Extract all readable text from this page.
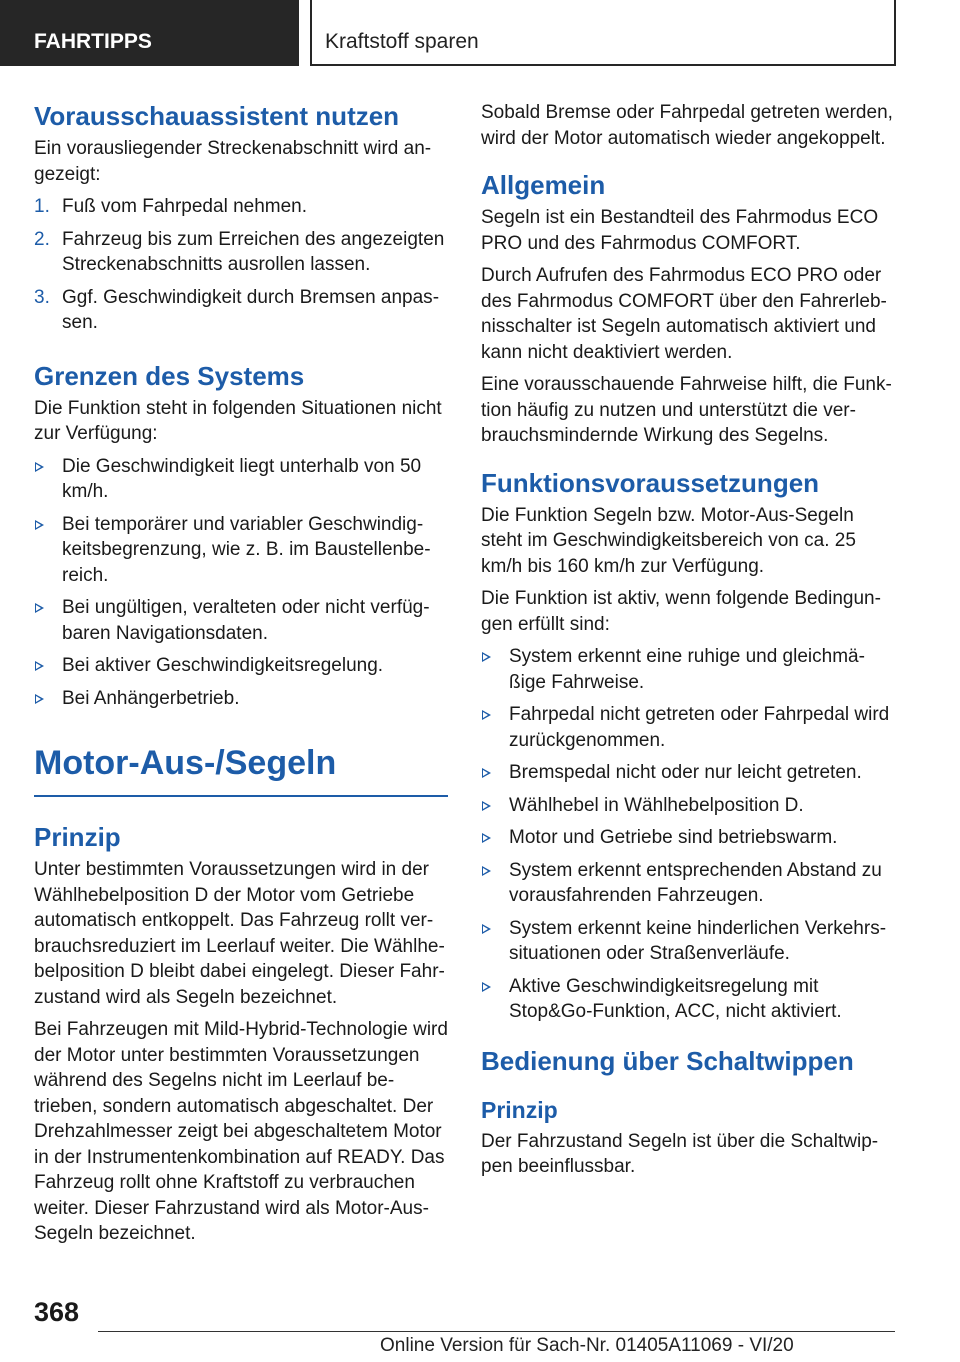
FAHRTIPPS	Kraftstoff sparen
Vorausschauassistent nutzen

Ein vorausliegender Streckenabschnitt wird angezeigt:

1. Fuß vom Fahrpedal nehmen.
2. Fahrzeug bis zum Erreichen des angezeigten Streckenabschnitts ausrollen lassen.
3. Ggf. Geschwindigkeit durch Bremsen anpassen.
Grenzen des Systems

Die Funktion steht in folgenden Situationen nicht zur Verfügung:

Die Geschwindigkeit liegt unterhalb von 50 km/h.
Bei temporärer und variabler Geschwindigkeitsbegrenzung, wie z. B. im Baustellenbereich.
Bei ungültigen, veralteten oder nicht verfügbaren Navigationsdaten.
Bei aktiver Geschwindigkeitsregelung.
Bei Anhängerbetrieb.
Motor-Aus-/Segeln
Prinzip

Unter bestimmten Voraussetzungen wird in der Wählhebelposition D der Motor vom Getriebe automatisch entkoppelt. Das Fahrzeug rollt verbrauchsreduziert im Leerlauf weiter. Die Wählhebelposition D bleibt dabei eingelegt. Dieser Fahrzustand wird als Segeln bezeichnet.

Bei Fahrzeugen mit Mild-Hybrid-Technologie wird der Motor unter bestimmten Voraussetzungen während des Segelns nicht im Leerlauf betrieben, sondern automatisch abgeschaltet. Der Drehzahlmesser zeigt bei abgeschaltetem Motor in der Instrumentenkombination auf READY. Das Fahrzeug rollt ohne Kraftstoff zu verbrauchen weiter. Dieser Fahrzustand wird als Motor-Aus-Segeln bezeichnet.

Sobald Bremse oder Fahrpedal getreten werden, wird der Motor automatisch wieder angekoppelt.

Allgemein

Segeln ist ein Bestandteil des Fahrmodus ECO PRO und des Fahrmodus COMFORT.

Durch Aufrufen des Fahrmodus ECO PRO oder des Fahrmodus COMFORT über den Fahrerlebnisschalter ist Segeln automatisch aktiviert und kann nicht deaktiviert werden.

Eine vorausschauende Fahrweise hilft, die Funktion häufig zu nutzen und unterstützt die verbrauchsmindernde Wirkung des Segelns.

Funktionsvoraussetzungen

Die Funktion Segeln bzw. Motor-Aus-Segeln steht im Geschwindigkeitsbereich von ca. 25 km/h bis 160 km/h zur Verfügung.

Die Funktion ist aktiv, wenn folgende Bedingungen erfüllt sind:

System erkennt eine ruhige und gleichmäßige Fahrweise.
Fahrpedal nicht getreten oder Fahrpedal wird zurückgenommen.
Bremspedal nicht oder nur leicht getreten.
Wählhebel in Wählhebelposition D.
Motor und Getriebe sind betriebswarm.
System erkennt entsprechenden Abstand zu vorausfahrenden Fahrzeugen.
System erkennt keine hinderlichen Verkehrssituationen oder Straßenverläufe.
Aktive Geschwindigkeitsregelung mit Stop&Go-Funktion, ACC, nicht aktiviert.
Bedienung über Schaltwippen
Prinzip

Der Fahrzustand Segeln ist über die Schaltwippen beeinflussbar.

368
Online Version für Sach-Nr. 01405A11069 - VI/20
